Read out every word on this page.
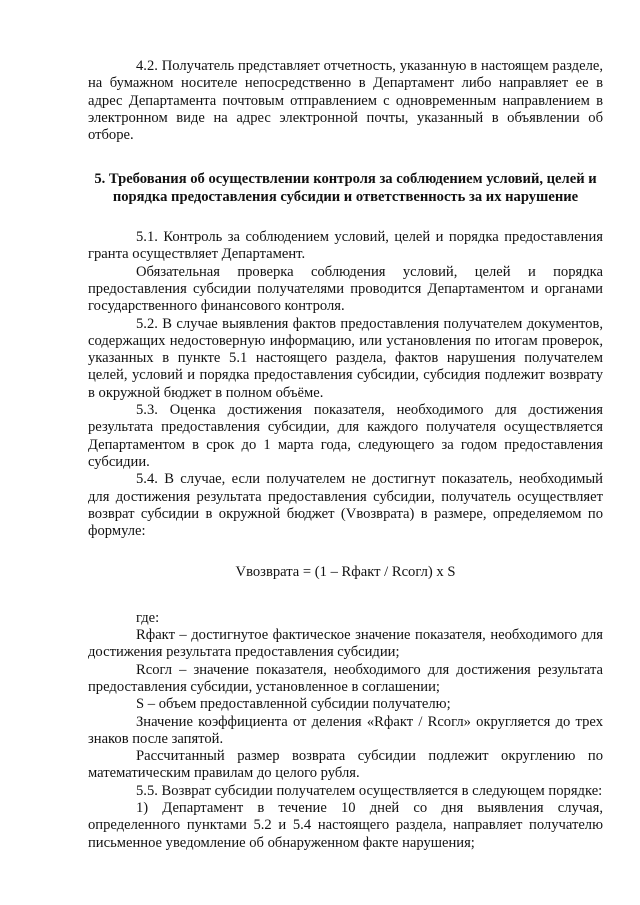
4.2. Получатель представляет отчетность, указанную в настоящем разделе, на бумажном носителе непосредственно в Департамент либо направляет ее в адрес Департамента почтовым отправлением с одновременным направлением в электронном виде на адрес электронной почты, указанный в объявлении об отборе.

5. Требования об осуществлении контроля за соблюдением условий, целей и порядка предоставления субсидии и ответственность за их нарушение

5.1. Контроль за соблюдением условий, целей и порядка предоставления гранта осуществляет Департамент.

Обязательная проверка соблюдения условий, целей и порядка предоставления субсидии получателями проводится Департаментом и органами государственного финансового контроля.

5.2. В случае выявления фактов предоставления получателем документов, содержащих недостоверную информацию, или установления по итогам проверок, указанных в пункте 5.1 настоящего раздела, фактов нарушения получателем целей, условий и порядка предоставления субсидии, субсидия подлежит возврату в окружной бюджет в полном объёме.

5.3. Оценка достижения показателя, необходимого для достижения результата предоставления субсидии, для каждого получателя осуществляется Департаментом в срок до 1 марта года, следующего за годом предоставления субсидии.

5.4. В случае, если получателем не достигнут показатель, необходимый для достижения результата предоставления субсидии, получатель осуществляет возврат субсидии в окружной бюджет (Vвозврата) в размере, определяемом по формуле:

Vвозврата = (1 – Rфакт / Rсогл) x S

где:

Rфакт – достигнутое фактическое значение показателя, необходимого для достижения результата предоставления субсидии;

Rсогл – значение показателя, необходимого для достижения результата предоставления субсидии, установленное в соглашении;

S – объем предоставленной субсидии получателю;

Значение коэффициента от деления «Rфакт / Rсогл» округляется до трех знаков после запятой.

Рассчитанный размер возврата субсидии подлежит округлению по математическим правилам до целого рубля.

5.5. Возврат субсидии получателем осуществляется в следующем порядке:

1) Департамент в течение 10 дней со дня выявления случая, определенного пунктами 5.2 и 5.4 настоящего раздела, направляет получателю письменное уведомление об обнаруженном факте нарушения;
